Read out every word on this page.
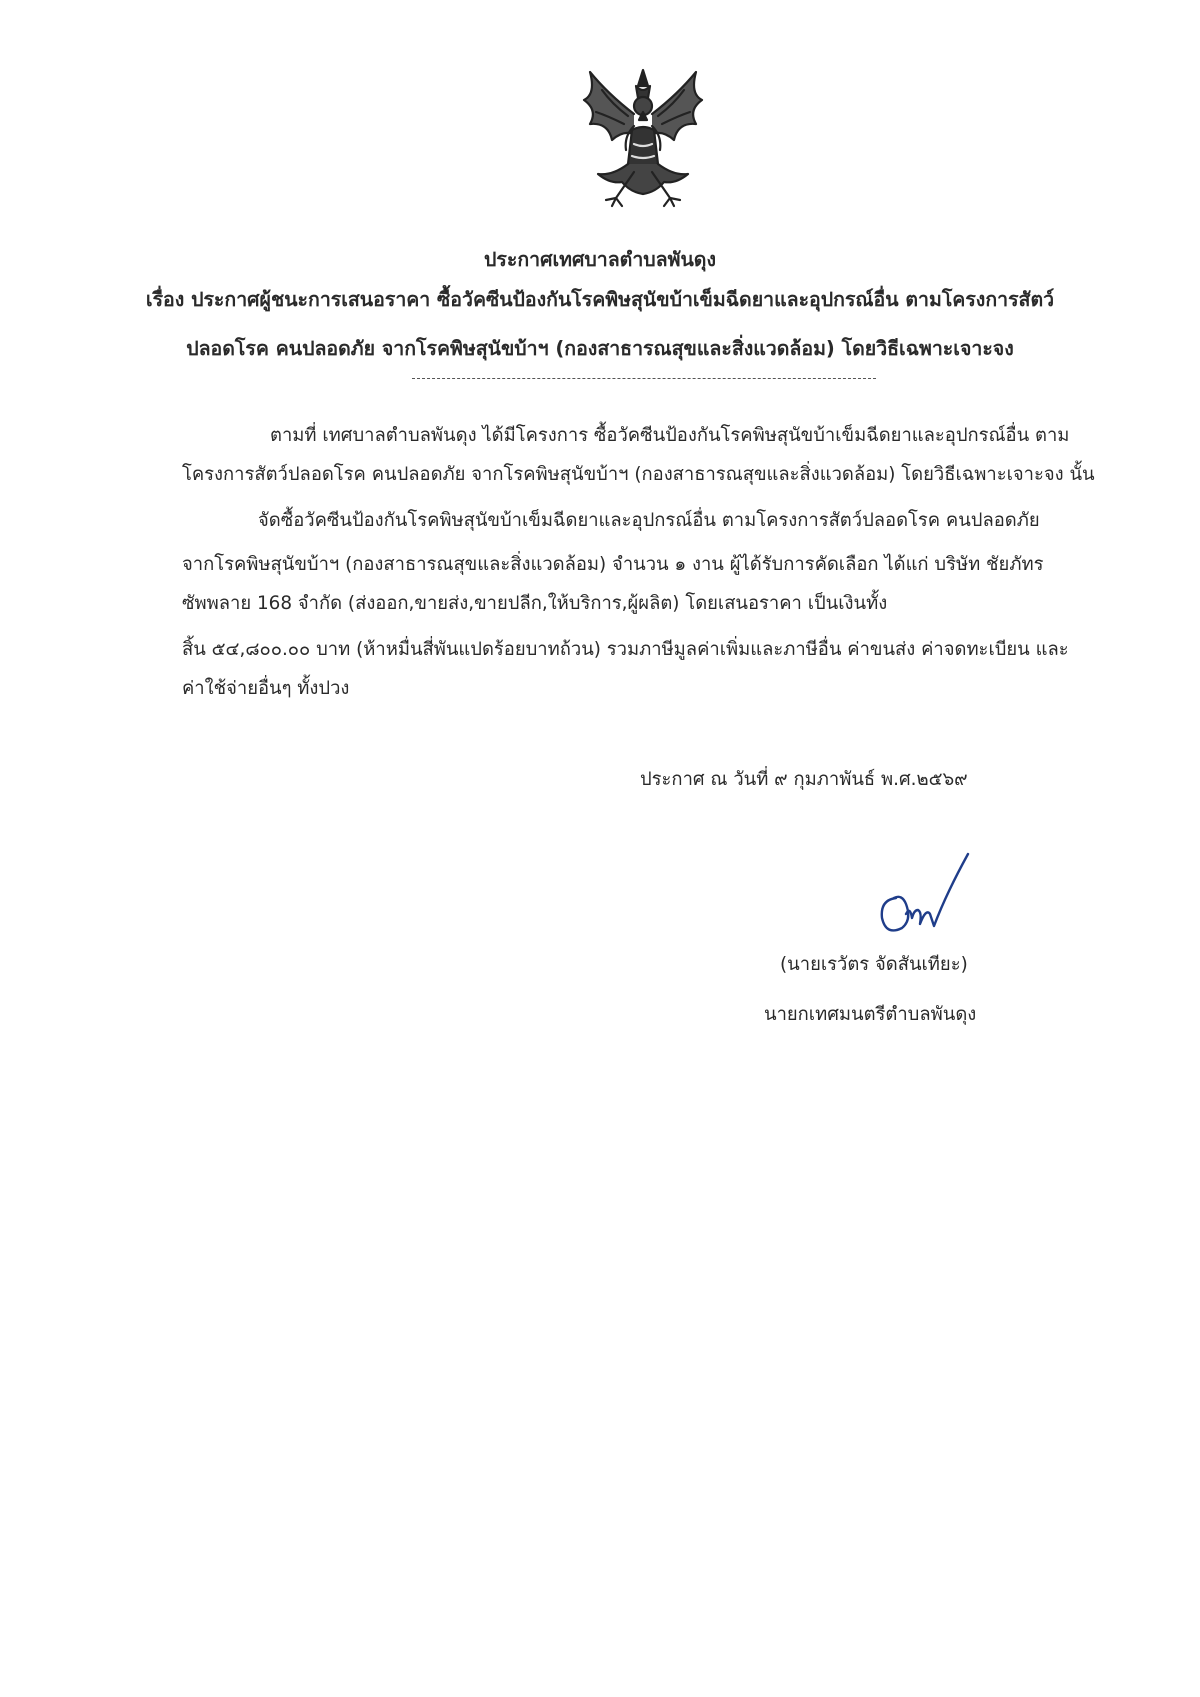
ประกาศเทศบาลตำบลพันดุง
เรื่อง ประกาศผู้ชนะการเสนอราคา ซื้อวัคซีนป้องกันโรคพิษสุนัขบ้าเข็มฉีดยาและอุปกรณ์อื่น ตามโครงการสัตว์
ปลอดโรค คนปลอดภัย จากโรคพิษสุนัขบ้าฯ (กองสาธารณสุขและสิ่งแวดล้อม) โดยวิธีเฉพาะเจาะจง
ตามที่ เทศบาลตำบลพันดุง ได้มีโครงการ ซื้อวัคซีนป้องกันโรคพิษสุนัขบ้าเข็มฉีดยาและอุปกรณ์อื่น ตาม
โครงการสัตว์ปลอดโรค คนปลอดภัย จากโรคพิษสุนัขบ้าฯ (กองสาธารณสุขและสิ่งแวดล้อม) โดยวิธีเฉพาะเจาะจง นั้น
จัดซื้อวัคซีนป้องกันโรคพิษสุนัขบ้าเข็มฉีดยาและอุปกรณ์อื่น ตามโครงการสัตว์ปลอดโรค คนปลอดภัย
จากโรคพิษสุนัขบ้าฯ (กองสาธารณสุขและสิ่งแวดล้อม) จำนวน ๑ งาน ผู้ได้รับการคัดเลือก ได้แก่ บริษัท ชัยภัทร
ซัพพลาย 168 จำกัด (ส่งออก,ขายส่ง,ขายปลีก,ให้บริการ,ผู้ผลิต) โดยเสนอราคา เป็นเงินทั้ง
สิ้น ๕๔,๘๐๐.๐๐ บาท (ห้าหมื่นสี่พันแปดร้อยบาทถ้วน) รวมภาษีมูลค่าเพิ่มและภาษีอื่น ค่าขนส่ง ค่าจดทะเบียน และ
ค่าใช้จ่ายอื่นๆ ทั้งปวง
ประกาศ ณ วันที่ ๙ กุมภาพันธ์ พ.ศ.๒๕๖๙
(นายเรวัตร จัดสันเทียะ)
นายกเทศมนตรีตำบลพันดุง
